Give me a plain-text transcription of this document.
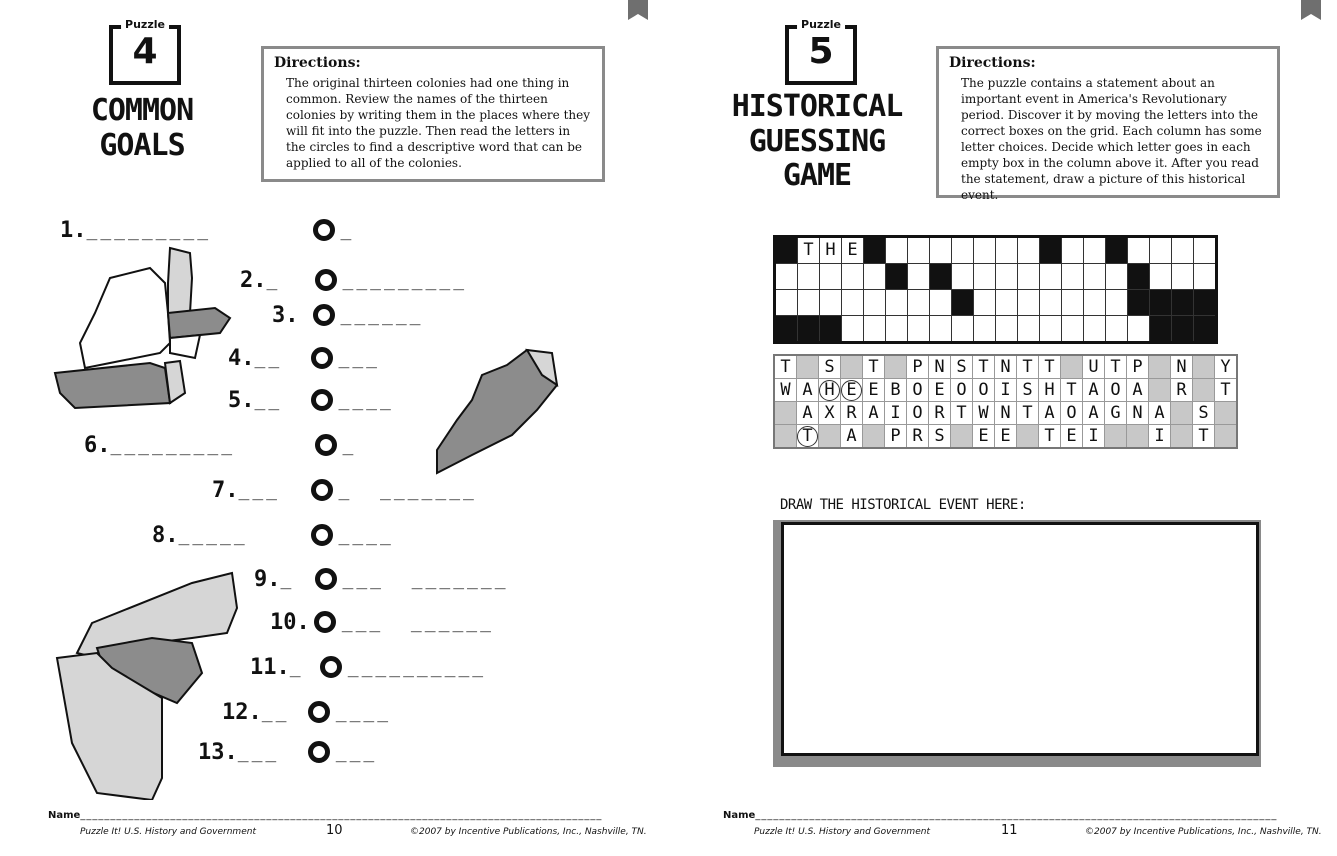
Puzzle
4
COMMON
GOALS
Directions:
The original thirteen colonies had one thing in common. Review the names of the thirteen colonies by writing them in the places where they will fit into the puzzle. Then read the letters in the circles to find a descriptive word that can be applied to all of the colonies.
1. _________	_
2. _	_________
3. ______
4. __	___
5. __	____
6. _________	_
7. ___	_  _______
8. _____	____
9. _	___  _______
10. ___  ______
11. _	__________
12. __	____
13. ___	___
Name_______________________________________________________________________________________
Puzzle It! U.S. History and Government	10	©2007 by Incentive Publications, Inc., Nashville, TN.
Puzzle
5
HISTORICAL
GUESSING
GAME
Directions:
The puzzle contains a statement about an important event in America's Revolutionary period. Discover it by moving the letters into the correct boxes on the grid. Each column has some letter choices. Decide which letter goes in each empty box in the column above it. After you read the statement, draw a picture of this historical event.
	T	H	E																

T		S		T		P	N	S	T	N	T	T		U	T	P		N		Y
W	A	H	E	E	B	O	E	O	O	I	S	H	T	A	O	A		R		T
	A	X	R	A	I	O	R	T	W	N	T	A	O	A	G	N	A		S	
	T		A		P	R	S		E	E		T	E	I			I		T	
DRAW THE HISTORICAL EVENT HERE:
Name_______________________________________________________________________________________
Puzzle It! U.S. History and Government	11	©2007 by Incentive Publications, Inc., Nashville, TN.
